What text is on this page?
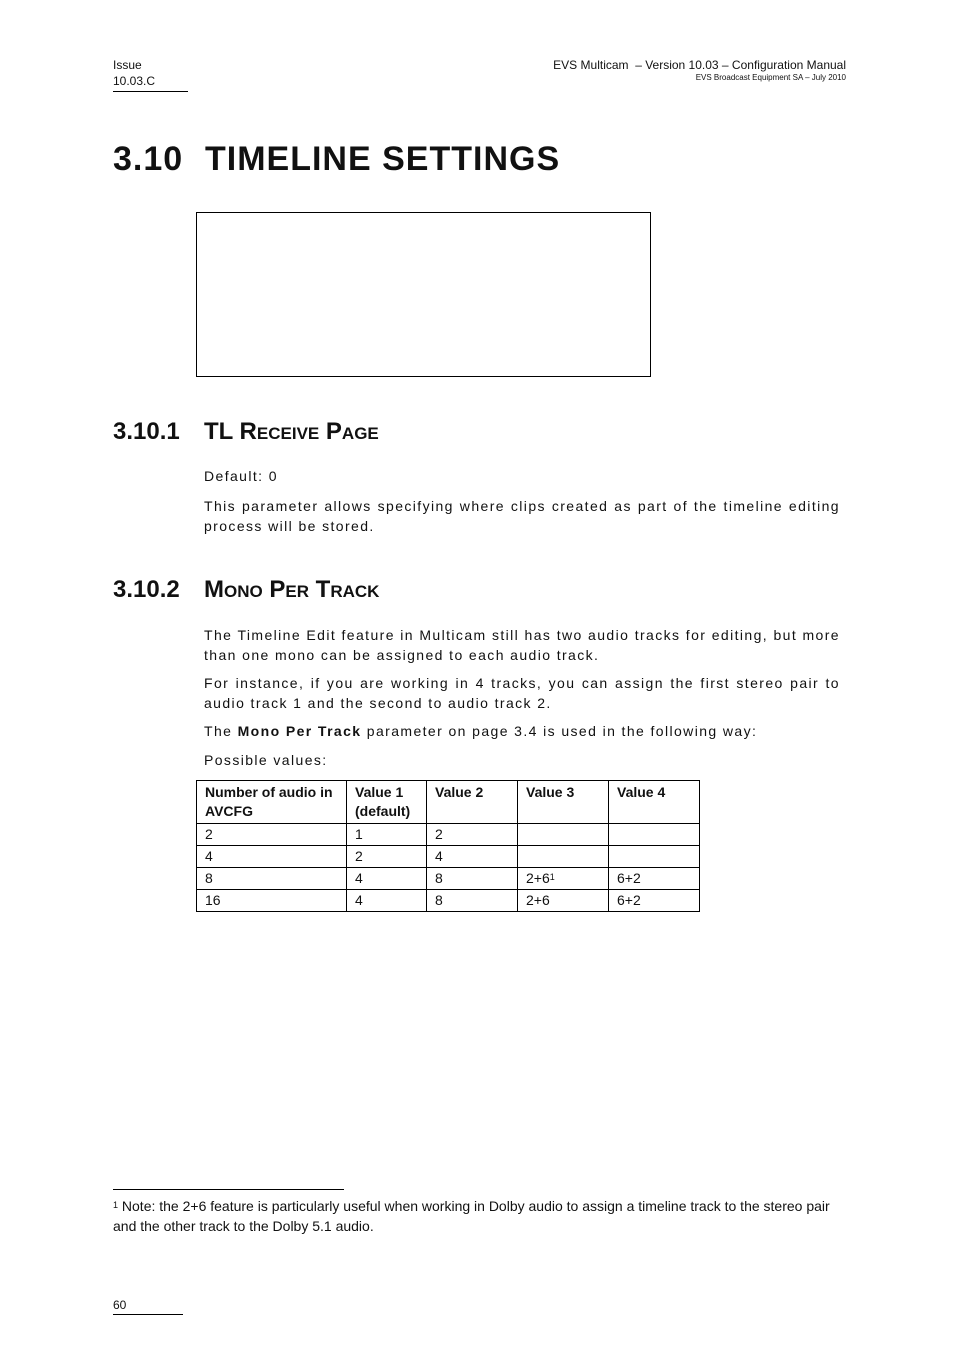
Issue
10.03.C
EVS Multicam  – Version 10.03 – Configuration Manual
EVS Broadcast Equipment SA – July 2010
3.10 TIMELINE SETTINGS
3.10.1 TL Receive Page
Default: 0
This parameter allows specifying where clips created as part of the timeline editing process will be stored.
3.10.2 Mono Per Track
The Timeline Edit feature in Multicam still has two audio tracks for editing, but more than one mono can be assigned to each audio track.
For instance, if you are working in 4 tracks, you can assign the first stereo pair to audio track 1 and the second to audio track 2.
The Mono Per Track parameter on page 3.4 is used in the following way:
Possible values:
Number of audio in AVCFG	Value 1 (default)	Value 2	Value 3	Value 4
2	1	2		
4	2	4		
8	4	8	$2+6^1$	6+2
16	4	8	2+6	6+2
$^1$ Note: the 2+6 feature is particularly useful when working in Dolby audio to assign a timeline track to the stereo pair and the other track to the Dolby 5.1 audio.
60
